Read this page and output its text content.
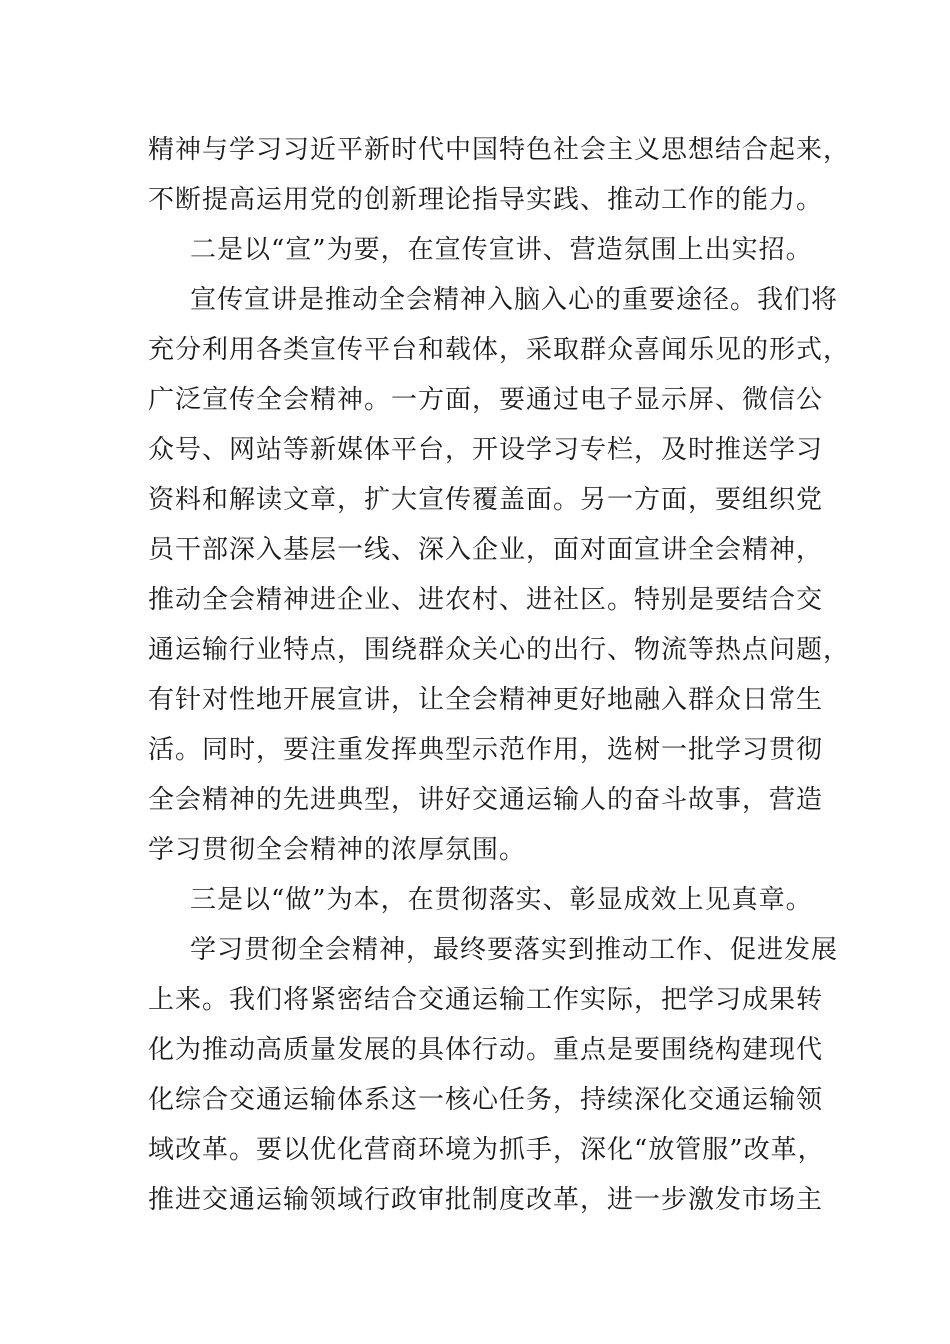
精神与学习习近平新时代中国特色社会主义思想结合起来，
不断提高运用党的创新理论指导实践、推动工作的能力。
二是以“宣”为要，在宣传宣讲、营造氛围上出实招。
宣传宣讲是推动全会精神入脑入心的重要途径。我们将
充分利用各类宣传平台和载体，采取群众喜闻乐见的形式，
广泛宣传全会精神。一方面，要通过电子显示屏、微信公
众号、网站等新媒体平台，开设学习专栏，及时推送学习
资料和解读文章，扩大宣传覆盖面。另一方面，要组织党
员干部深入基层一线、深入企业，面对面宣讲全会精神，
推动全会精神进企业、进农村、进社区。特别是要结合交
通运输行业特点，围绕群众关心的出行、物流等热点问题，
有针对性地开展宣讲，让全会精神更好地融入群众日常生
活。同时，要注重发挥典型示范作用，选树一批学习贯彻
全会精神的先进典型，讲好交通运输人的奋斗故事，营造
学习贯彻全会精神的浓厚氛围。
三是以“做”为本，在贯彻落实、彰显成效上见真章。
学习贯彻全会精神，最终要落实到推动工作、促进发展
上来。我们将紧密结合交通运输工作实际，把学习成果转
化为推动高质量发展的具体行动。重点是要围绕构建现代
化综合交通运输体系这一核心任务，持续深化交通运输领
域改革。要以优化营商环境为抓手，深化“放管服”改革，
推进交通运输领域行政审批制度改革，进一步激发市场主
